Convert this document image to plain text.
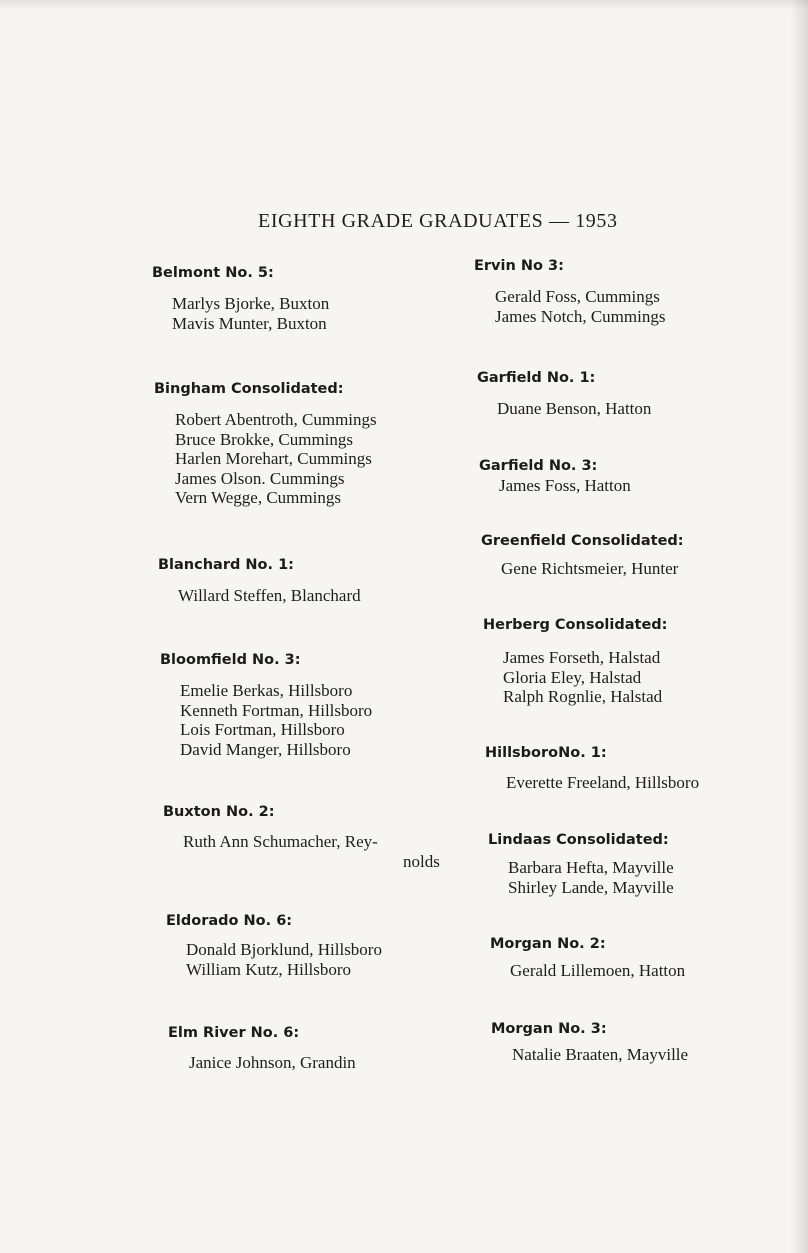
EIGHTH GRADE GRADUATES — 1953
Belmont No. 5:
Marlys Bjorke, Buxton
Mavis Munter, Buxton
Bingham Consolidated:
Robert Abentroth, Cummings
Bruce Brokke, Cummings
Harlen Morehart, Cummings
James Olson. Cummings
Vern Wegge, Cummings
Blanchard No. 1:
Willard Steffen, Blanchard
Bloomfield No. 3:
Emelie Berkas, Hillsboro
Kenneth Fortman, Hillsboro
Lois Fortman, Hillsboro
David Manger, Hillsboro
Buxton No. 2:
Ruth Ann Schumacher, Rey-
nolds
Eldorado No. 6:
Donald Bjorklund, Hillsboro
William Kutz, Hillsboro
Elm River No. 6:
Janice Johnson, Grandin
Ervin No 3:
Gerald Foss, Cummings
James Notch, Cummings
Garfield No. 1:
Duane Benson, Hatton
Garfield No. 3:
James Foss, Hatton
Greenfield Consolidated:
Gene Richtsmeier, Hunter
Herberg Consolidated:
James Forseth, Halstad
Gloria Eley, Halstad
Ralph Rognlie, Halstad
HillsboroNo. 1:
Everette Freeland, Hillsboro
Lindaas Consolidated:
Barbara Hefta, Mayville
Shirley Lande, Mayville
Morgan No. 2:
Gerald Lillemoen, Hatton
Morgan No. 3:
Natalie Braaten, Mayville
